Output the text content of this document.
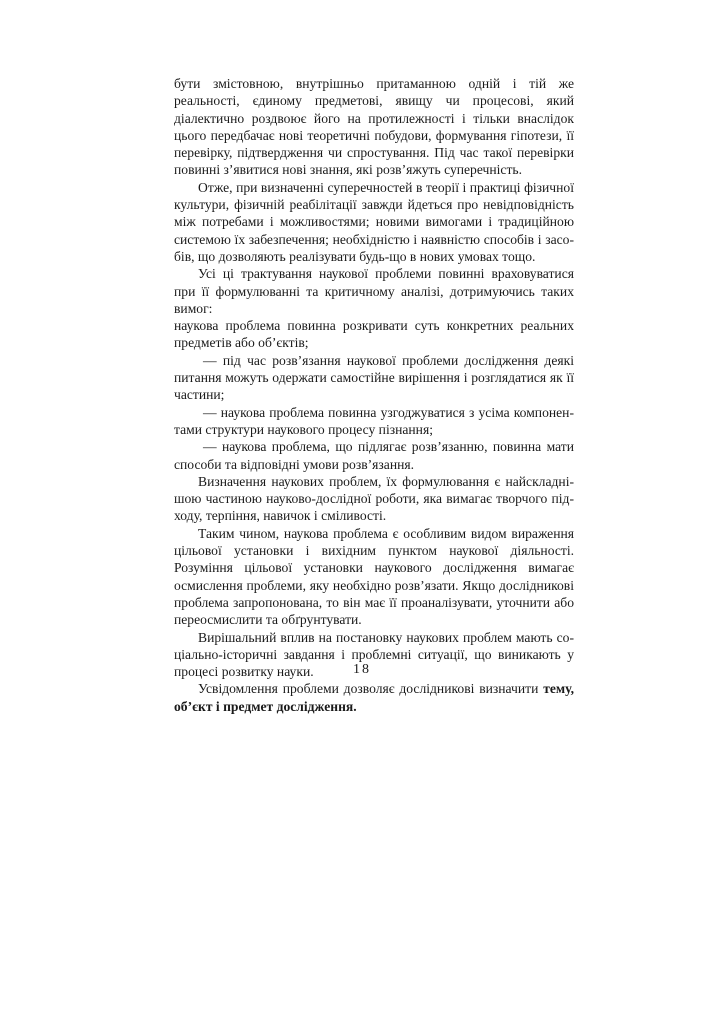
бути змістовною, внутрішньо притаманною одній і тій же реальності, єдиному предметові, явищу чи процесові, який діалектично роздвоює його на протилежності і тільки внаслідок цього передбачає нові теоретичні побудови, формування гіпотези, її перевірку, підтвердження чи спростування. Під час такої перевірки повинні з’явитися нові знання, які розв’яжуть суперечність.

Отже, при визначенні суперечностей в теорії і практиці фізичної культури, фізичній реабілітації завжди йдеться про невідповідність між потребами і можливостями; новими вимогами і традиційною системою їх забезпечення; необхідністю і наявністю способів і засобів, що дозволяють реалізувати будь-що в нових умовах тощо.

Усі ці трактування наукової проблеми повинні враховуватися при її формулюванні та критичному аналізі, дотримуючись таких вимог:

наукова проблема повинна розкривати суть конкретних реальних предметів або об’єктів;

— під час розв’язання наукової проблеми дослідження деякі питання можуть одержати самостійне вирішення і розглядатися як її частини;

— наукова проблема повинна узгоджуватися з усіма компонентами структури наукового процесу пізнання;

— наукова проблема, що підлягає розв’язанню, повинна мати способи та відповідні умови розв’язання.

Визначення наукових проблем, їх формулювання є найскладнішою частиною науково-дослідної роботи, яка вимагає творчого підходу, терпіння, навичок і сміливості.

Таким чином, наукова проблема є особливим видом вираження цільової установки і вихідним пунктом наукової діяльності. Розуміння цільової установки наукового дослідження вимагає осмислення проблеми, яку необхідно розв’язати. Якщо дослідникові проблема запропонована, то він має її проаналізувати, уточнити або переосмислити та обґрунтувати.

Вирішальний вплив на постановку наукових проблем мають соціально-історичні завдання і проблемні ситуації, що виникають у процесі розвитку науки.

Усвідомлення проблеми дозволяє дослідникові визначити тему, об’єкт і предмет дослідження.

18
